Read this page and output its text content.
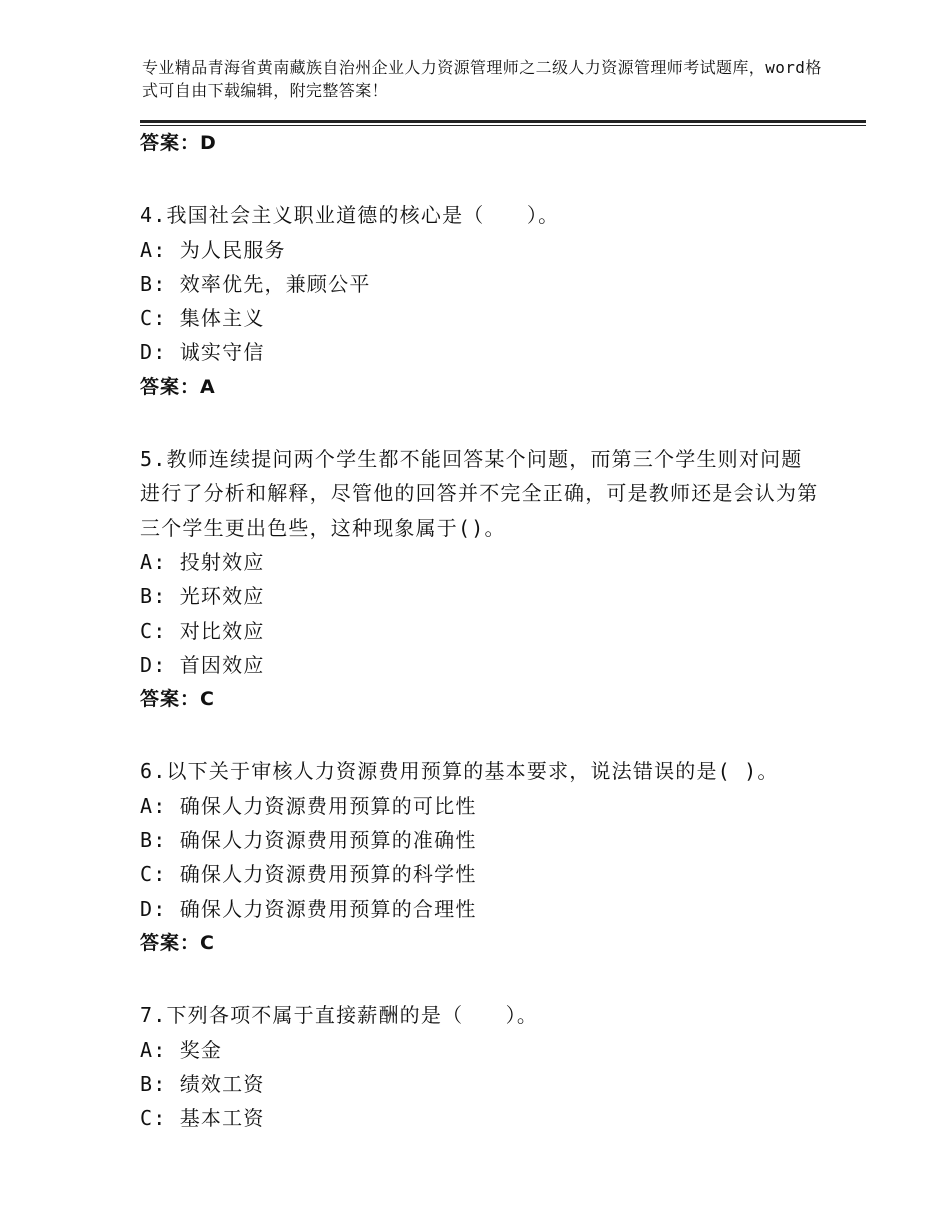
专业精品青海省黄南藏族自治州企业人力资源管理师之二级人力资源管理师考试题库，word格式可自由下载编辑，附完整答案！
答案：D
4.我国社会主义职业道德的核心是（　　）。
A: 为人民服务
B: 效率优先，兼顾公平
C: 集体主义
D: 诚实守信
答案：A
5.教师连续提问两个学生都不能回答某个问题，而第三个学生则对问题进行了分析和解释，尽管他的回答并不完全正确，可是教师还是会认为第三个学生更出色些，这种现象属于()。
A: 投射效应
B: 光环效应
C: 对比效应
D: 首因效应
答案：C
6.以下关于审核人力资源费用预算的基本要求，说法错误的是( )。
A: 确保人力资源费用预算的可比性
B: 确保人力资源费用预算的准确性
C: 确保人力资源费用预算的科学性
D: 确保人力资源费用预算的合理性
答案：C
7.下列各项不属于直接薪酬的是（　　）。
A: 奖金
B: 绩效工资
C: 基本工资
